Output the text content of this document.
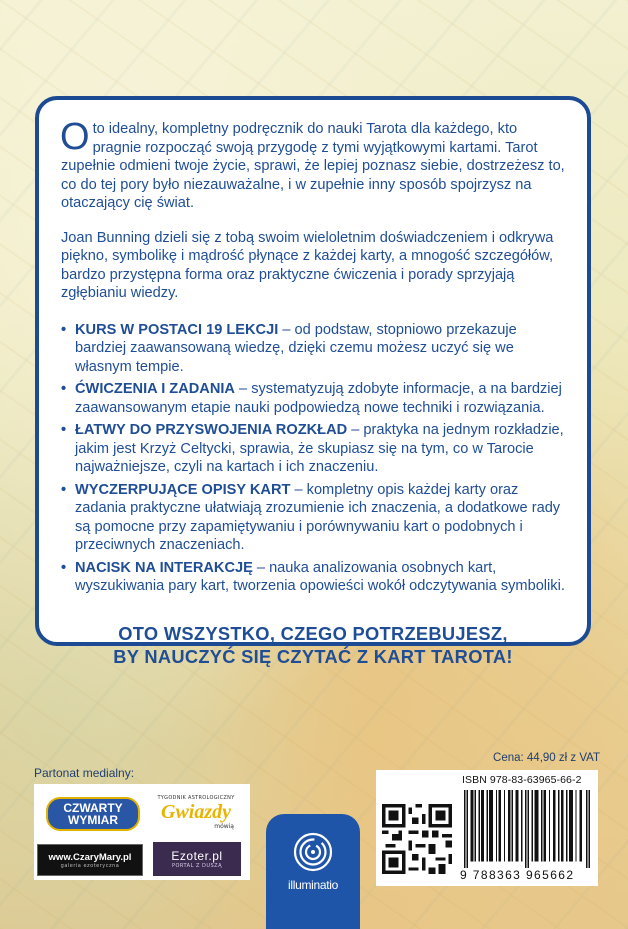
Oto idealny, kompletny podręcznik do nauki Tarota dla każdego, kto pragnie rozpocząć swoją przygodę z tymi wyjątkowymi kartami. Tarot zupełnie odmieni twoje życie, sprawi, że lepiej poznasz siebie, dostrzeżesz to, co do tej pory było niezauważalne, i w zupełnie inny sposób spojrzysz na otaczający cię świat.

Joan Bunning dzieli się z tobą swoim wieloletnim doświadczeniem i odkrywa piękno, symbolikę i mądrość płynące z każdej karty, a mnogość szczegółów, bardzo przystępna forma oraz praktyczne ćwiczenia i porady sprzyjają zgłębianiu wiedzy.

• KURS W POSTACI 19 LEKCJI – od podstaw, stopniowo przekazuje bardziej zaawansowaną wiedzę, dzięki czemu możesz uczyć się we własnym tempie.
• ĆWICZENIA I ZADANIA – systematyzują zdobyte informacje, a na bardziej zaawansowanym etapie nauki podpowiedzą nowe techniki i rozwiązania.
• ŁATWY DO PRZYSWOJENIA ROZKŁAD – praktyka na jednym rozkładzie, jakim jest Krzyż Celtycki, sprawia, że skupiasz się na tym, co w Tarocie najważniejsze, czyli na kartach i ich znaczeniu.
• WYCZERPUJĄCE OPISY KART – kompletny opis każdej karty oraz zadania praktyczne ułatwiają zrozumienie ich znaczenia, a dodatkowe rady są pomocne przy zapamiętywaniu i porównywaniu kart o podobnych i przeciwnych znaczeniach.
• NACISK NA INTERAKCJĘ – nauka analizowania osobnych kart, wyszukiwania pary kart, tworzenia opowieści wokół odczytywania symboliki.
OTO WSZYSTKO, CZEGO POTRZEBUJESZ,
BY NAUCZYĆ SIĘ CZYTAĆ Z KART TAROTA!
Partonat medialny:
CZWARTY WYMIAR
TYGODNIK ASTROLOGICZNY
Gwiazdy
mówią
www.CzaryMary.pl
galeria ezoteryczna
Ezoter.pl
PORTAL Z DUSZĄ
illuminatio
Cena: 44,90 zł z VAT
ISBN 978-83-63965-66-2
9 788363 965662
